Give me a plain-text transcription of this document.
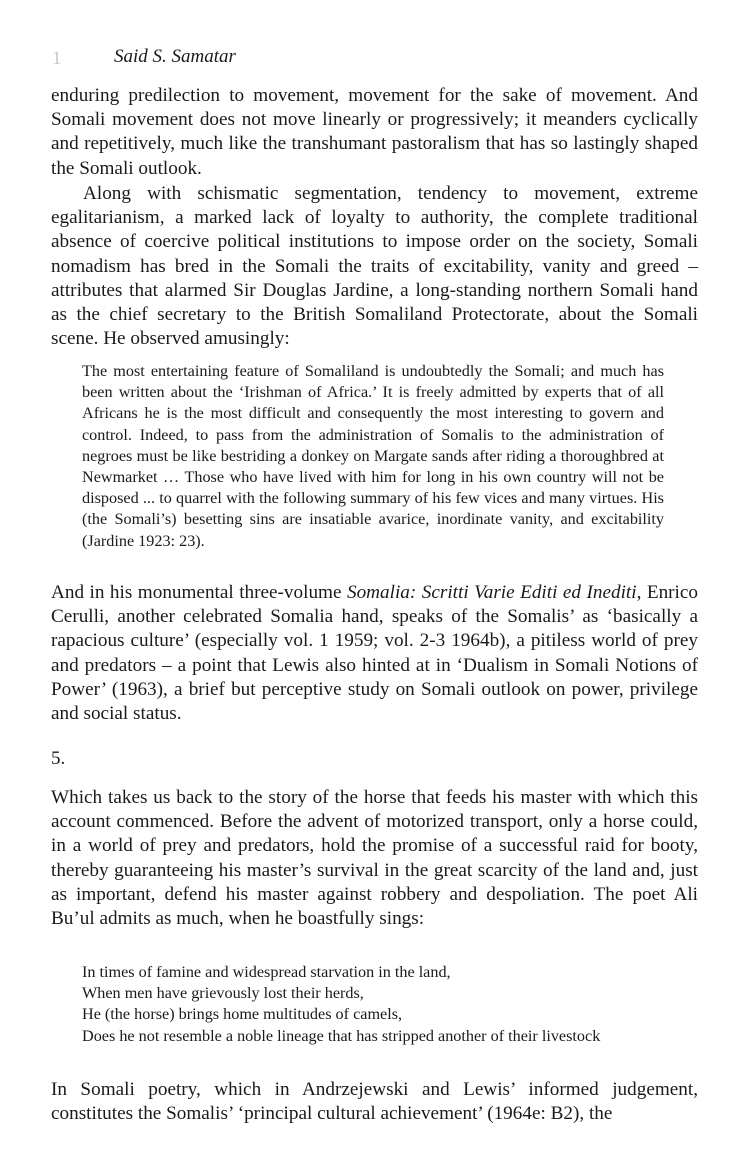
1	Said S. Samatar

enduring predilection to movement, movement for the sake of movement. And Somali movement does not move linearly or progressively; it meanders cyclically and repetitively, much like the transhumant pastoralism that has so lastingly shaped the Somali outlook.

Along with schismatic segmentation, tendency to movement, extreme egalitarianism, a marked lack of loyalty to authority, the complete traditional absence of coercive political institutions to impose order on the society, Somali nomadism has bred in the Somali the traits of excitability, vanity and greed – attributes that alarmed Sir Douglas Jardine, a long-standing northern Somali hand as the chief secretary to the British Somaliland Protectorate, about the Somali scene. He observed amusingly:

The most entertaining feature of Somaliland is undoubtedly the Somali; and much has been written about the ‘Irishman of Africa.’ It is freely admitted by experts that of all Africans he is the most difficult and consequently the most interesting to govern and control. Indeed, to pass from the administration of Somalis to the administration of negroes must be like bestriding a donkey on Margate sands after riding a thoroughbred at Newmarket … Those who have lived with him for long in his own country will not be disposed ... to quarrel with the following summary of his few vices and many virtues. His (the Somali’s) besetting sins are insatiable avarice, inordinate vanity, and excitability (Jardine 1923: 23).

And in his monumental three-volume Somalia: Scritti Varie Editi ed Inediti, Enrico Cerulli, another celebrated Somalia hand, speaks of the Somalis’ as ‘basically a rapacious culture’ (especially vol. 1 1959; vol. 2-3 1964b), a pitiless world of prey and predators – a point that Lewis also hinted at in ‘Dualism in Somali Notions of Power’ (1963), a brief but perceptive study on Somali outlook on power, privilege and social status.

5.

Which takes us back to the story of the horse that feeds his master with which this account commenced. Before the advent of motorized transport, only a horse could, in a world of prey and predators, hold the promise of a successful raid for booty, thereby guaranteeing his master’s survival in the great scarcity of the land and, just as important, defend his master against robbery and despoliation. The poet Ali Bu’ul admits as much, when he boastfully sings:

In times of famine and widespread starvation in the land,
When men have grievously lost their herds,
He (the horse) brings home multitudes of camels,
Does he not resemble a noble lineage that has stripped another of their livestock

In Somali poetry, which in Andrzejewski and Lewis’ informed judgement, constitutes the Somalis’ ‘principal cultural achievement’ (1964e: B2), the
